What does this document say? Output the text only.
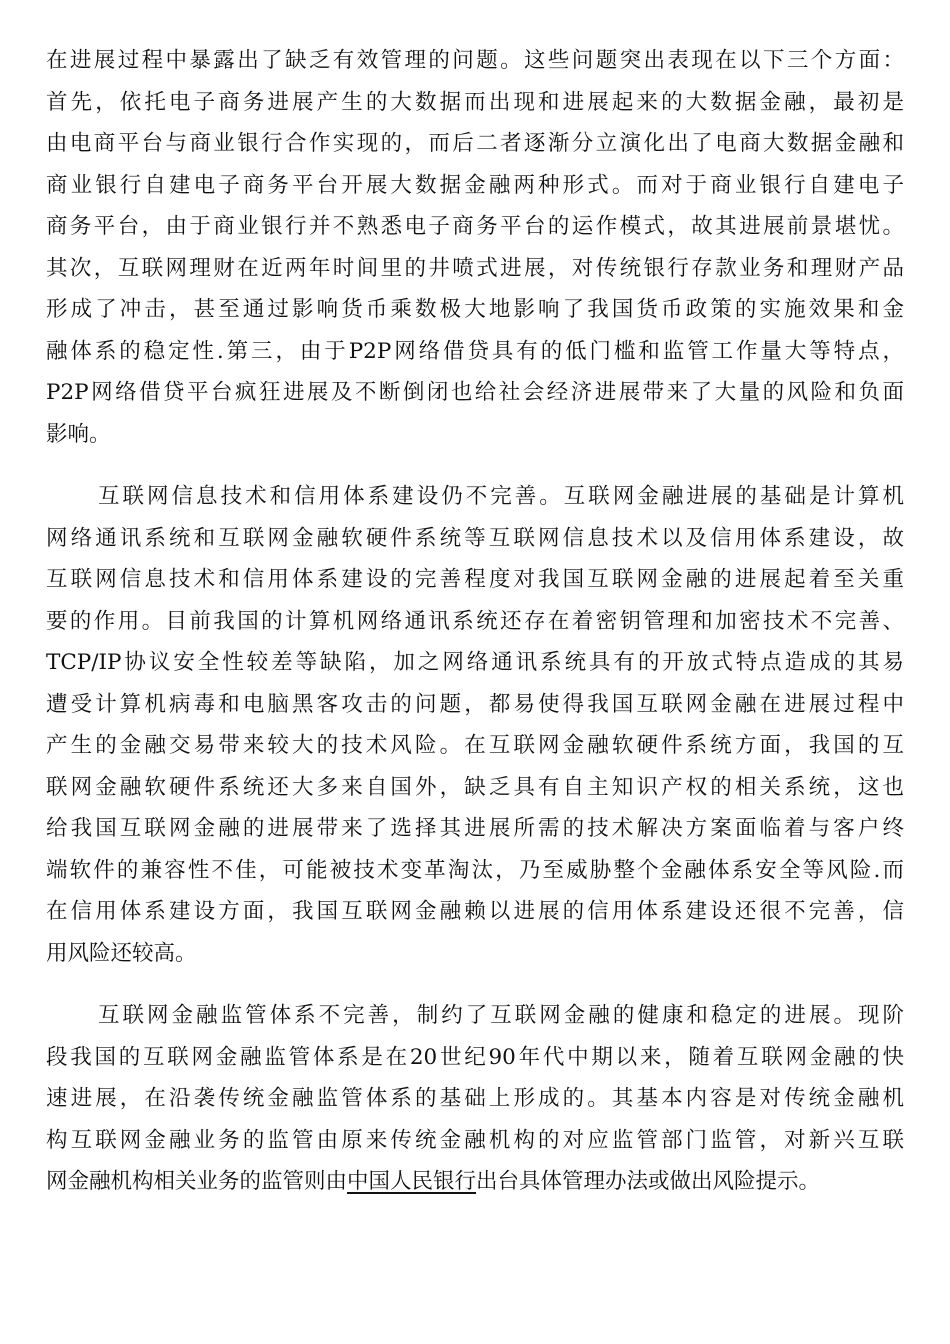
在进展过程中暴露出了缺乏有效管理的问题。这些问题突出表现在以下三个方面：
首先，依托电子商务进展产生的大数据而出现和进展起来的大数据金融，最初是
由电商平台与商业银行合作实现的，而后二者逐渐分立演化出了电商大数据金融和
商业银行自建电子商务平台开展大数据金融两种形式。而对于商业银行自建电子
商务平台，由于商业银行并不熟悉电子商务平台的运作模式，故其进展前景堪忧。
其次，互联网理财在近两年时间里的井喷式进展，对传统银行存款业务和理财产品
形成了冲击，甚至通过影响货币乘数极大地影响了我国货币政策的实施效果和金
融体系的稳定性.第三，由于P2P网络借贷具有的低门槛和监管工作量大等特点，
P2P网络借贷平台疯狂进展及不断倒闭也给社会经济进展带来了大量的风险和负面
影响。
互联网信息技术和信用体系建设仍不完善。互联网金融进展的基础是计算机
网络通讯系统和互联网金融软硬件系统等互联网信息技术以及信用体系建设，故
互联网信息技术和信用体系建设的完善程度对我国互联网金融的进展起着至关重
要的作用。目前我国的计算机网络通讯系统还存在着密钥管理和加密技术不完善、
TCP/IP协议安全性较差等缺陷，加之网络通讯系统具有的开放式特点造成的其易
遭受计算机病毒和电脑黑客攻击的问题，都易使得我国互联网金融在进展过程中
产生的金融交易带来较大的技术风险。在互联网金融软硬件系统方面，我国的互
联网金融软硬件系统还大多来自国外，缺乏具有自主知识产权的相关系统，这也
给我国互联网金融的进展带来了选择其进展所需的技术解决方案面临着与客户终
端软件的兼容性不佳，可能被技术变革淘汰，乃至威胁整个金融体系安全等风险.而
在信用体系建设方面，我国互联网金融赖以进展的信用体系建设还很不完善，信
用风险还较高。
互联网金融监管体系不完善，制约了互联网金融的健康和稳定的进展。现阶
段我国的互联网金融监管体系是在20世纪90年代中期以来，随着互联网金融的快
速进展，在沿袭传统金融监管体系的基础上形成的。其基本内容是对传统金融机
构互联网金融业务的监管由原来传统金融机构的对应监管部门监管，对新兴互联
网金融机构相关业务的监管则由中国人民银行出台具体管理办法或做出风险提示。
